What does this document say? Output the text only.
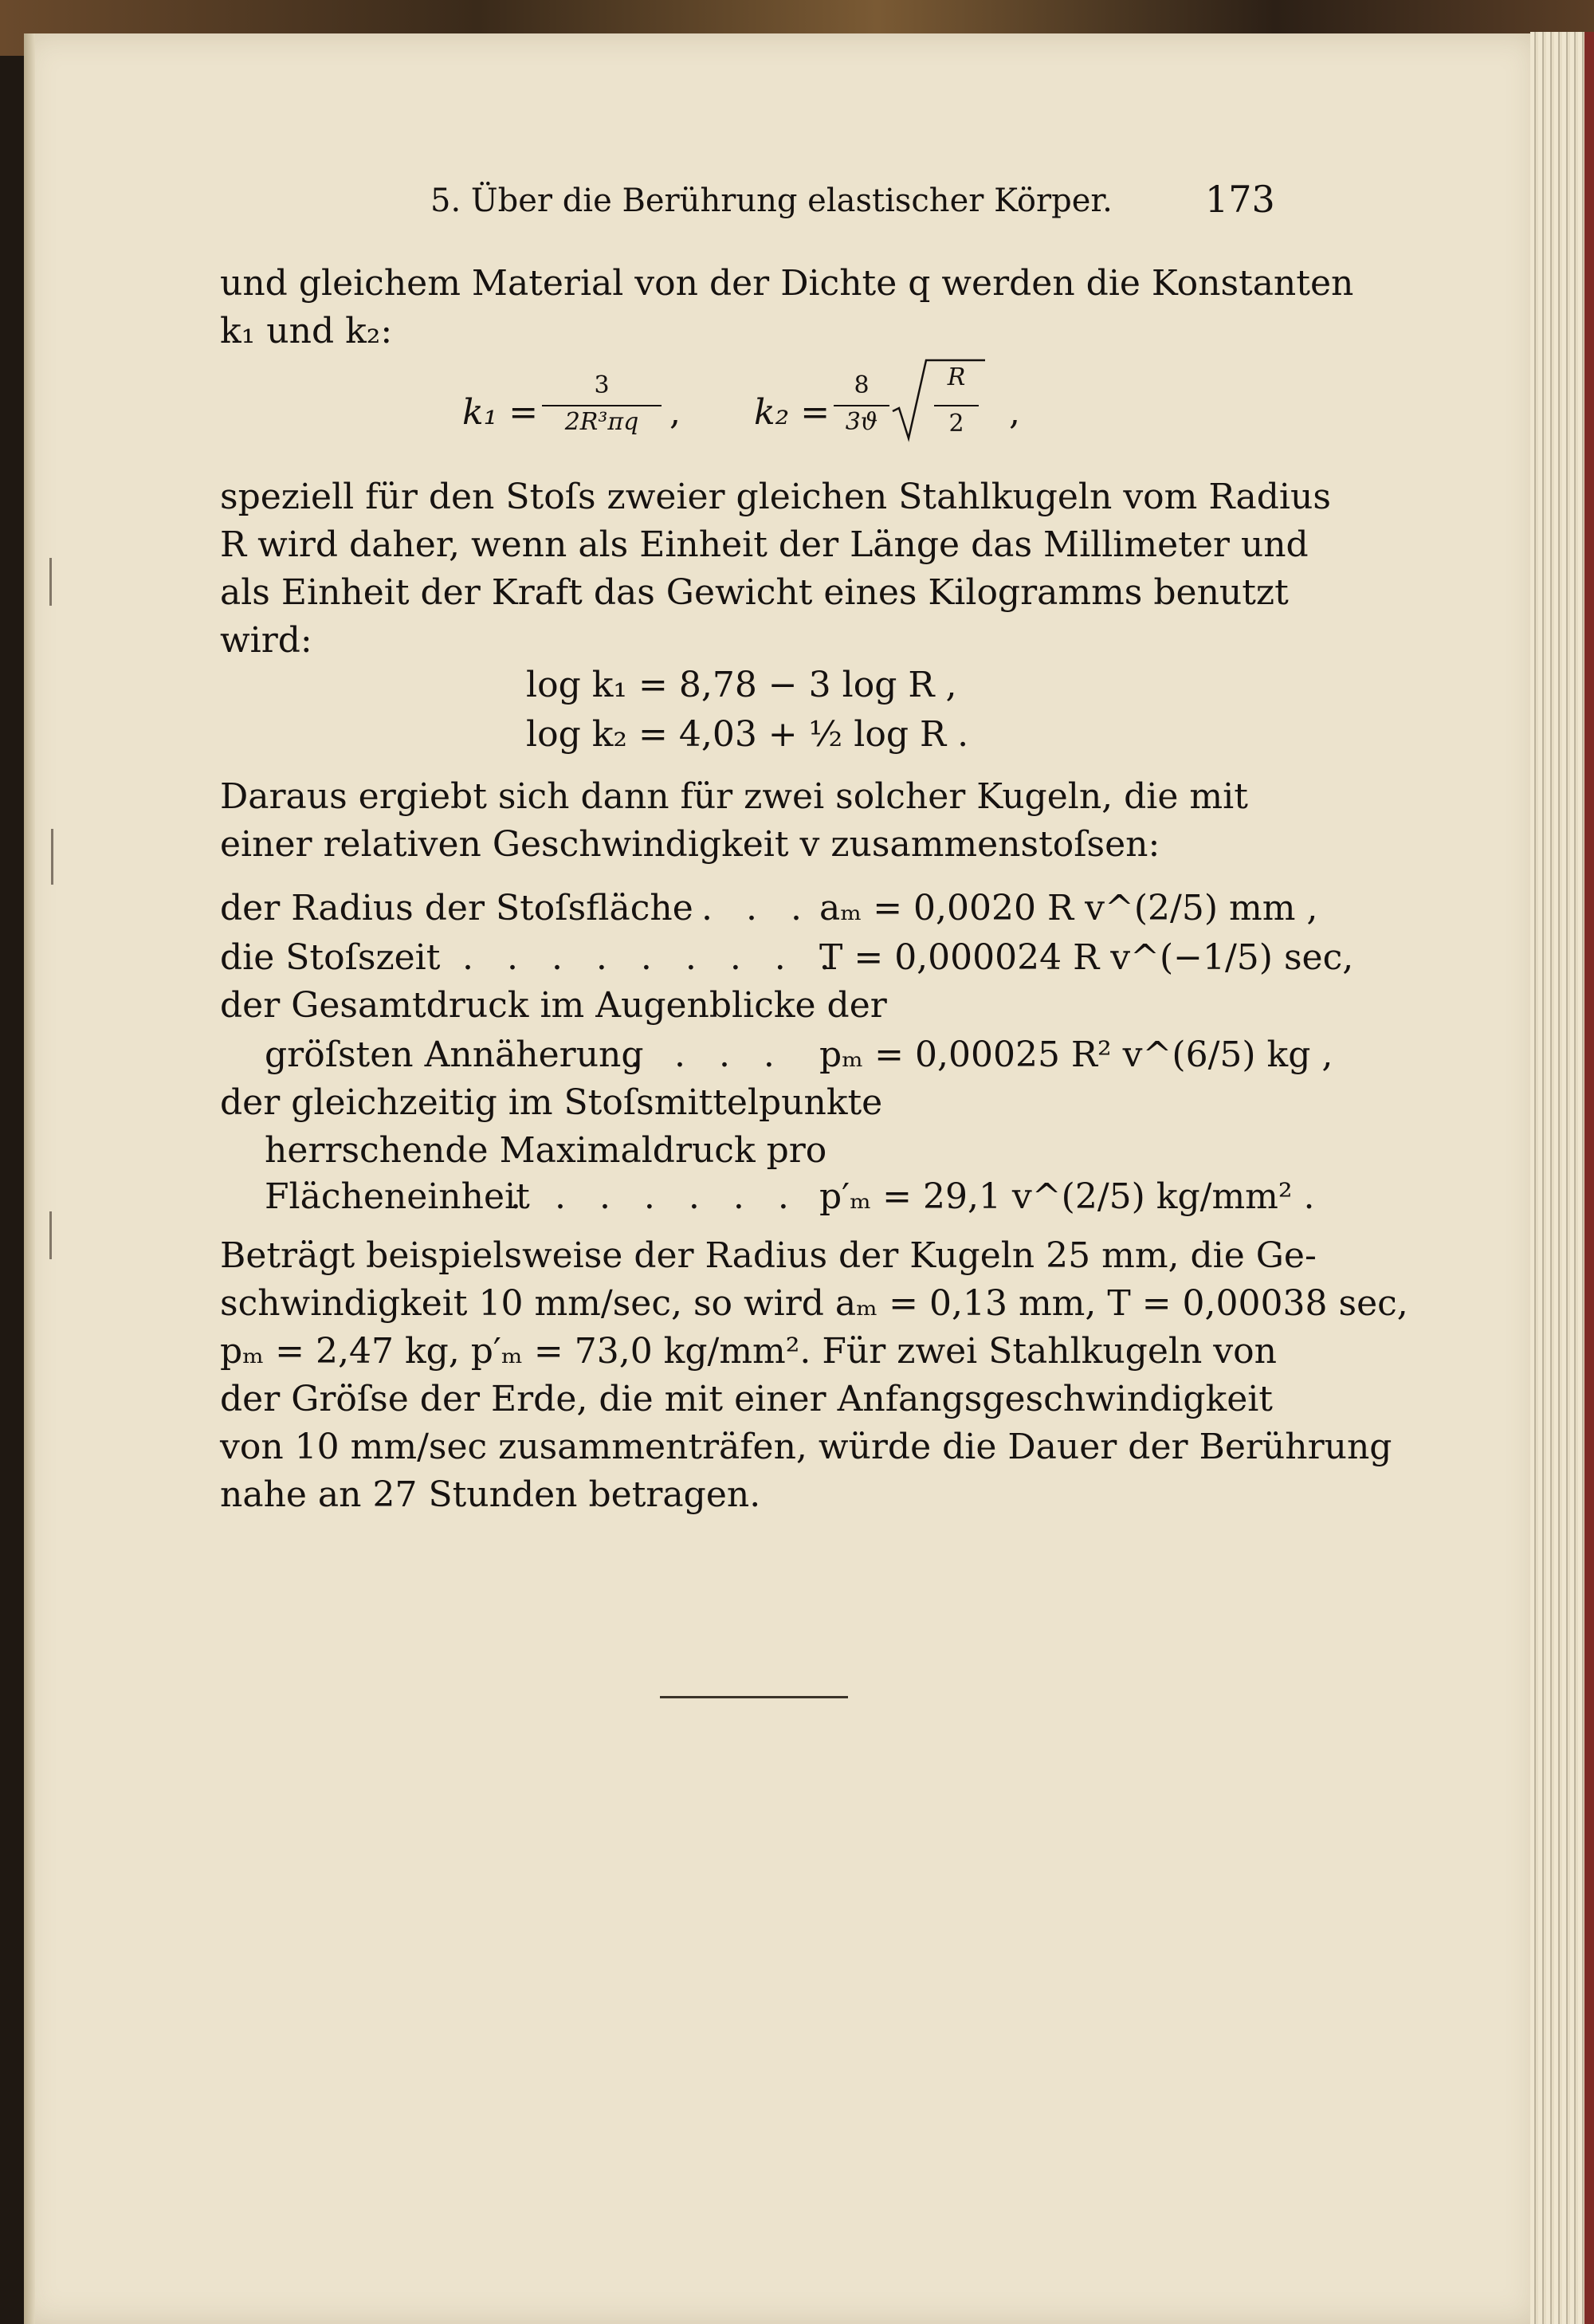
5. Über die Berührung elastischer Körper.	173
und gleichem Material von der Dichte q werden die Konstanten
k₁ und k₂:
k₁ =
3
2R³πq , k₂ =
8
3ϑ
R
2	,
speziell für den Stoſs zweier gleichen Stahlkugeln vom Radius
R wird daher, wenn als Einheit der Länge das Millimeter und
als Einheit der Kraft das Gewicht eines Kilogramms benutzt
wird:
log k₁ = 8,78 − 3 log R ,
log k₂ = 4,03 + ½ log R .
Daraus ergiebt sich dann für zwei solcher Kugeln, die mit
einer relativen Geschwindigkeit v zusammenstoſsen:
der Radius der Stoſsfläche . . . aₘ = 0,0020 R v^(2/5) mm ,
die Stoſszeit . . . . . . . . .
T = 0,000024 R v^(−1/5) sec,
der Gesamtdruck im Augenblicke der
gröſsten Annäherung
. . . . pₘ = 0,00025 R² v^(6/5) kg ,
der gleichzeitig im Stoſsmittelpunkte
herrschende Maximaldruck pro
Flächeneinheit
. . . . . . . p′ₘ = 29,1 v^(2/5) kg/mm² .
Beträgt beispielsweise der Radius der Kugeln 25 mm, die Ge-
schwindigkeit 10 mm/sec, so wird aₘ = 0,13 mm, T = 0,00038 sec,
pₘ = 2,47 kg, p′ₘ = 73,0 kg/mm². Für zwei Stahlkugeln von
der Gröſse der Erde, die mit einer Anfangsgeschwindigkeit
von 10 mm/sec zusammenträfen, würde die Dauer der Berührung
nahe an 27 Stunden betragen.
